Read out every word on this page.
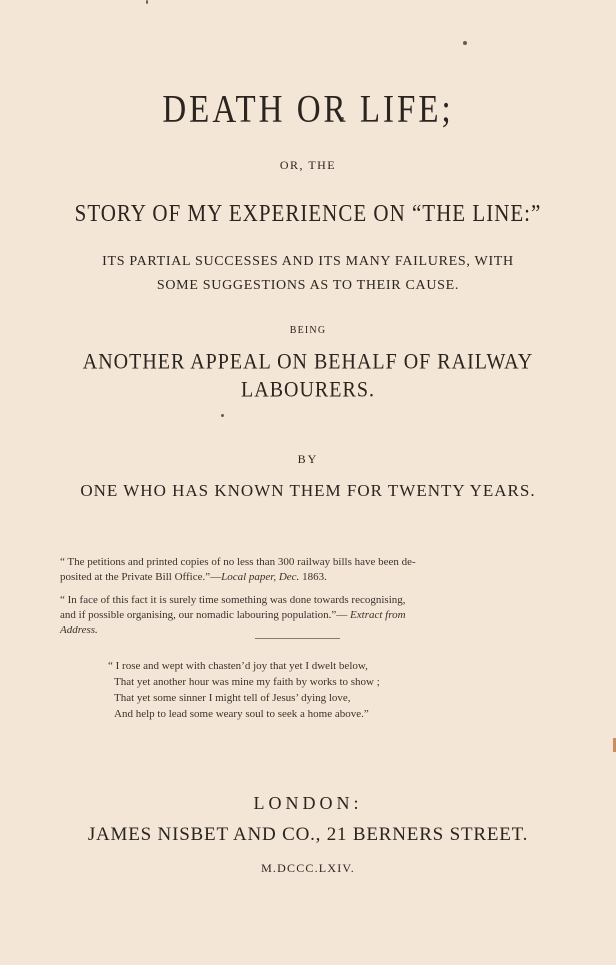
DEATH OR LIFE;
OR, THE
STORY OF MY EXPERIENCE ON “THE LINE:”
ITS PARTIAL SUCCESSES AND ITS MANY FAILURES, WITH
SOME SUGGESTIONS AS TO THEIR CAUSE.
BEING
ANOTHER APPEAL ON BEHALF OF RAILWAY
LABOURERS.
BY
ONE WHO HAS KNOWN THEM FOR TWENTY YEARS.
“ The petitions and printed copies of no less than 300 railway bills have been de-
posited at the Private Bill Office.”—Local paper, Dec. 1863.
“ In face of this fact it is surely time something was done towards recognising,
and if possible organising, our nomadic labouring population.”— Extract from
Address.
“ I rose and wept with chasten’d joy that yet I dwelt below,
That yet another hour was mine my faith by works to show ;
That yet some sinner I might tell of Jesus’ dying love,
And help to lead some weary soul to seek a home above.”
LONDON:
JAMES NISBET AND CO., 21 BERNERS STREET.
M.DCCC.LXIV.
